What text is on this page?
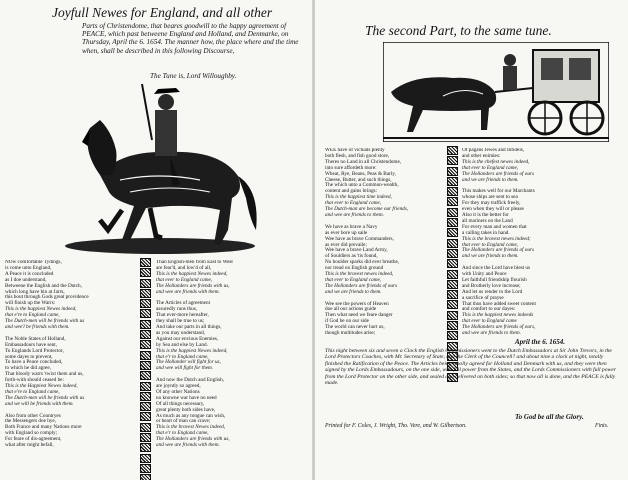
Joyfull Newes for England, and all other
Parts of Christendome, that beares goodwill to the happy agreement of PEACE, which past betweene England and Holland, and Denmarke, on Thursday, April the 6. 1654. The manner how, the place where and the time when, shall be described in this following Discourse,
The Tune is, Lord Willoughby.
NOw comfortable Tydings,
is come unto England,
A Peace it is concluded
as I doe understand,
Betweene the English and the Dutch,
which long have bin at Jarrs,
this bout through Gods great providence
will finish up the Warrs:
This is the happiest Newes indeed,
that e're to England came,
The Dutch-men will be friends with us
and wee'l be friends with them.

The Noble States of Holland,
Embassadours have sent,
To Englands Lord Protector,
some dayes to prevent,
To have a Peace concluded,
to which he did agree,
That bloody warrs 'twixt them and us,
forth-with should ceased be:
This is the Happiest Newes indeed,
that e're to England came,
The Dutch-men will be friends with us
and we will be friends with them.

Also from other Countryes
the Messengers doe hye,
Both France and many Nations more
with England so comply;
For feare of dis-agreement,
what after might befall,
Than English-men from East to West
are fear'd, and low'd of all,
This is the happiest Newes indeed,
that ever to England came,
The Hollanders are friends with us,
and wee are friends with them.

The Articles of agreement
assuredly runs thus,
That ever-more hereafter,
they shall be true to us;
And take our parts in all things,
as you may understand,
Against our envious Enemies,
by Sea and else by Land.
This is the happiest Newes indeed,
that e'r to England came,
The Hollander will fight for us,
and wee will fight for them.

And now the Dutch and English,
are joyntly so agreed,
Of any other Nations
no knowne war have no need
Of all things necessary,
great plenty both sides have,
As much as any tongue can wish,
or heart of man can crave;
This is the bravest Newes indeed,
that e'r to England came,
The Hollanders are friends with us,
and wee are friends with them.
The second Part, to the same tune.
WEE have of victuals plenty
both flesh, and fish good store,
Theres no Land in all Christendome,
into sure affordeth more:
Wheat, Rye, Beans, Peas & Barly,
Cheese, Butter, and such things,
The which unto a Common-wealth,
content and gains brings:
This is the happiest time indeed,
that ever to England came,
The Dutch-man are become our friends,
and wee are friends to them.

We have as brave a Navy
as ever bore up saile
Wee have as brave Commanders,
as ever did prevaile;
Wee have a brave Land Army,
of Souldiers as 'tis found,
No boulder sparks did ever breathe,
nor tread on English ground
This is the bravest newes indeed,
that ever to England came,
The Hollanders are friends of ours
and we are friends to them.

Wee see the powers of Heaven
doe all our actions guide
Then what need we feare danger
if God be on our side
The world can never hurt us,
though multitudes arise;
Of pagans Jewes and Infidels,
and other enimies:
This is the chefest newes indeed,
that ever to England came,
The Hollanders are friends of ours
and we are friends to them.

This makes well for our Marchants
whose ships are sent to sea
For they may traffick freely,
even when they will or please
Also it is the better for
all mariners on the Land
For every man and women that
a calling takes in hand.
This is the bravest newes indeed;
that ever to England came,
The Hollanders are friends of ours
and we are friends to them.

And since the Lord have blest us
with Unity and Peace
Let faithfull friendship flourish
and Brotherly love increase;
And let us render to the Lord
a sacrifice of prayse
That thus have added sweet content
and comfort to our dayes:
This is the happiest newes indeeds
that ever to England came
The Hollanders are friends of ours,
and wee are friends to them.
April the 6. 1654.
This night between six and seven a Clock the English Commissioners went to the Dutch Embassadors at Sir John Trevors, in the Lord Protectors Coaches, with Mr. Secretary of State, and the Clerk of the Councell? and about nine a clock at night, totally finished the Ratification of the Peace. The Articles being wholly agreed for Holland and Denmark with us, and they were then signed by the Lords Embassadours, on the one side, with full power from the States, and the Lords Commissioners with full power from the Lord Protector on the other side, and sealed and delivered on both sides; so that now all is done, and the PEACE is fully made.
To God be all the Glory.
Printed for F. Coles, J. Wright, Tho. Vere, and W. Gilbertson.	Finis.
